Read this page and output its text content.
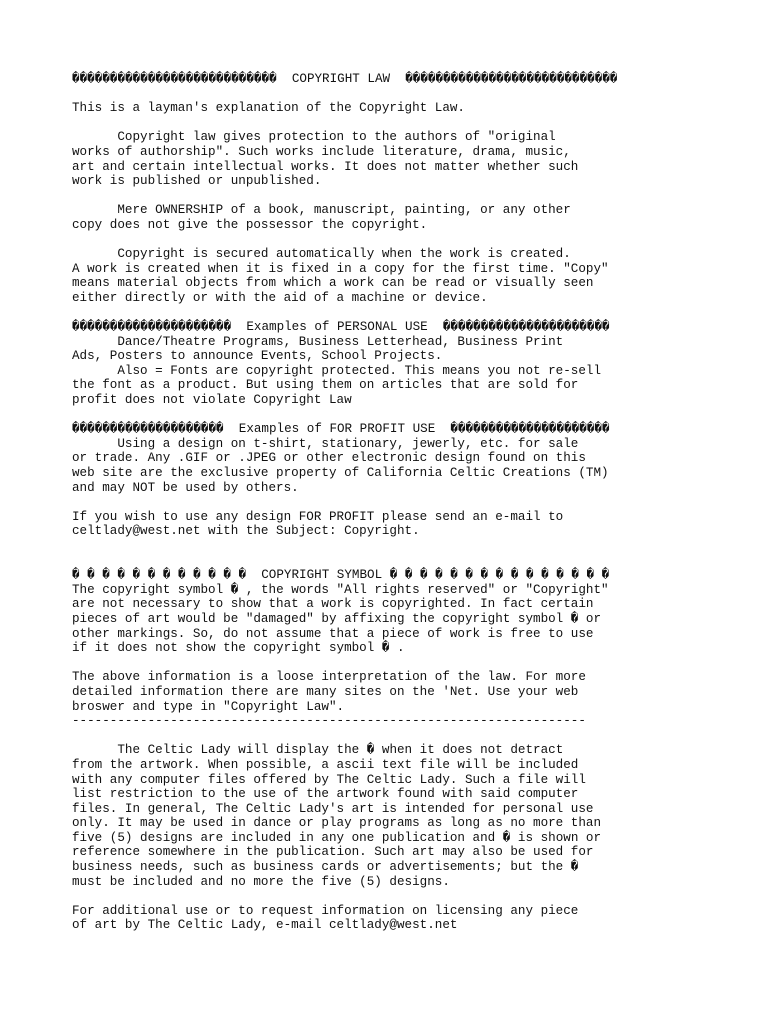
���������������������������  COPYRIGHT LAW  ����������������������������
This is a layman's explanation of the Copyright Law.
Copyright law gives protection to the authors of "original
works of authorship". Such works include literature, drama, music,
art and certain intellectual works. It does not matter whether such
work is published or unpublished.
Mere OWNERSHIP of a book, manuscript, painting, or any other
copy does not give the possessor the copyright.
Copyright is secured automatically when the work is created.
A work is created when it is fixed in a copy for the first time. "Copy"
means material objects from which a work can be read or visually seen
either directly or with the aid of a machine or device.
���������������������  Examples of PERSONAL USE  ����������������������
Dance/Theatre Programs, Business Letterhead, Business Print
Ads, Posters to announce Events, School Projects.
Also = Fonts are copyright protected. This means you not re-sell
the font as a product. But using them on articles that are sold for
profit does not violate Copyright Law
��������������������  Examples of FOR PROFIT USE  ���������������������
Using a design on t-shirt, stationary, jewerly, etc. for sale
or trade. Any .GIF or .JPEG or other electronic design found on this
web site are the exclusive property of California Celtic Creations (TM)
and may NOT be used by others.
If you wish to use any design FOR PROFIT please send an e-mail to
celtlady@west.net with the Subject: Copyright.
� � � � � � � � � � � �  COPYRIGHT SYMBOL � � � � � � � � � � � � � � �
The copyright symbol � , the words "All rights reserved" or "Copyright"
are not necessary to show that a work is copyrighted. In fact certain
pieces of art would be "damaged" by affixing the copyright symbol � or
other markings. So, do not assume that a piece of work is free to use
if it does not show the copyright symbol � .
The above information is a loose interpretation of the law. For more
detailed information there are many sites on the 'Net. Use your web
broswer and type in "Copyright Law".
--------------------------------------------------------------------
The Celtic Lady will display the � when it does not detract
from the artwork. When possible, a ascii text file will be included
with any computer files offered by The Celtic Lady. Such a file will
list restriction to the use of the artwork found with said computer
files. In general, The Celtic Lady's art is intended for personal use
only. It may be used in dance or play programs as long as no more than
five (5) designs are included in any one publication and � is shown or
reference somewhere in the publication. Such art may also be used for
business needs, such as business cards or advertisements; but the �
must be included and no more the five (5) designs.
For additional use or to request information on licensing any piece
of art by The Celtic Lady, e-mail celtlady@west.net
